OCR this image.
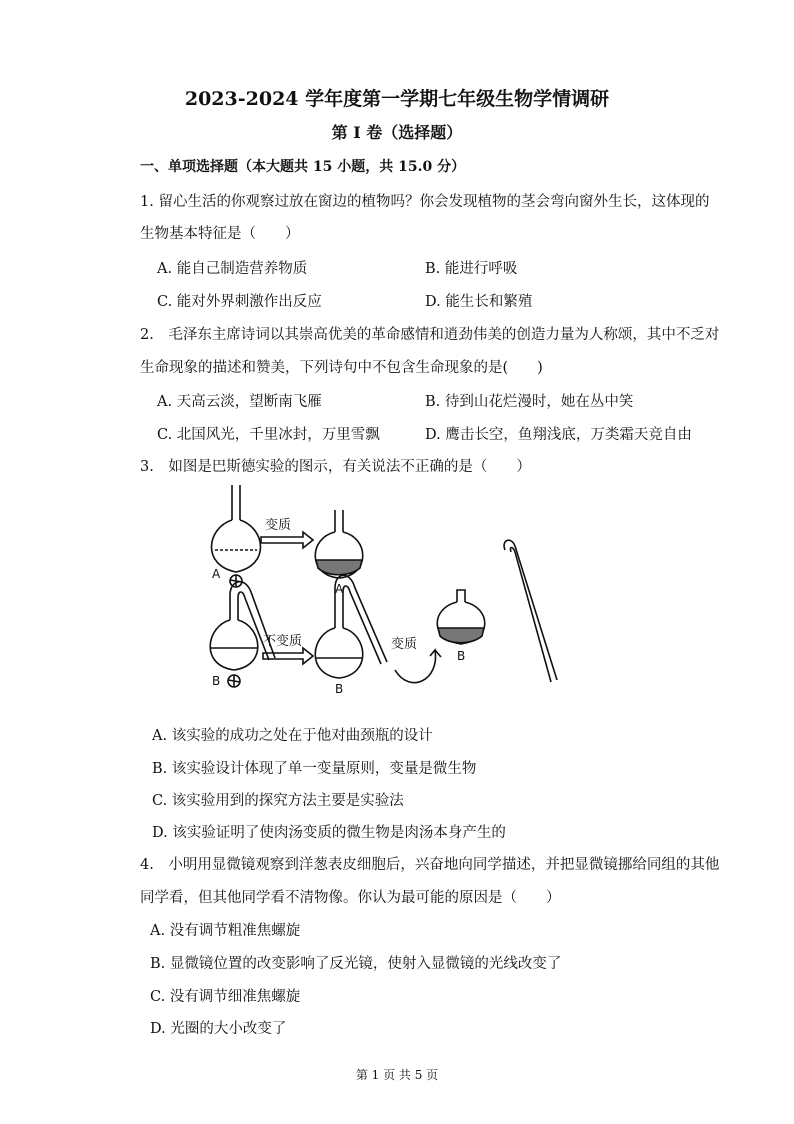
2023-2024 学年度第一学期七年级生物学情调研
第 I 卷（选择题）
一、单项选择题（本大题共 15 小题，共 15.0 分）
1. 留心生活的你观察过放在窗边的植物吗？你会发现植物的茎会弯向窗外生长，这体现的
生物基本特征是（　　）
A. 能自己制造营养物质	B. 能进行呼吸
C. 能对外界刺激作出反应	D. 能生长和繁殖
2.　毛泽东主席诗词以其崇高优美的革命感情和逍劲伟美的创造力量为人称颂，其中不乏对
生命现象的描述和赞美，下列诗句中不包含生命现象的是(　　)
A. 天高云淡，望断南飞雁	B. 待到山花烂漫时，她在丛中笑
C. 北国风光，千里冰封，万里雪飘	D. 鹰击长空，鱼翔浅底，万类霜天竞自由
3.　如图是巴斯德实验的图示，有关说法不正确的是（　　）
变质
不变质	变质
A
A
B
B
B
A. 该实验的成功之处在于他对曲颈瓶的设计
B. 该实验设计体现了单一变量原则，变量是微生物
C. 该实验用到的探究方法主要是实验法
D. 该实验证明了使肉汤变质的微生物是肉汤本身产生的
4.　小明用显微镜观察到洋葱表皮细胞后，兴奋地向同学描述，并把显微镜挪给同组的其他
同学看，但其他同学看不清物像。你认为最可能的原因是（　　）
A. 没有调节粗准焦螺旋
B. 显微镜位置的改变影响了反光镜，使射入显微镜的光线改变了
C. 没有调节细准焦螺旋
D. 光圈的大小改变了
第 1 页 共 5 页
